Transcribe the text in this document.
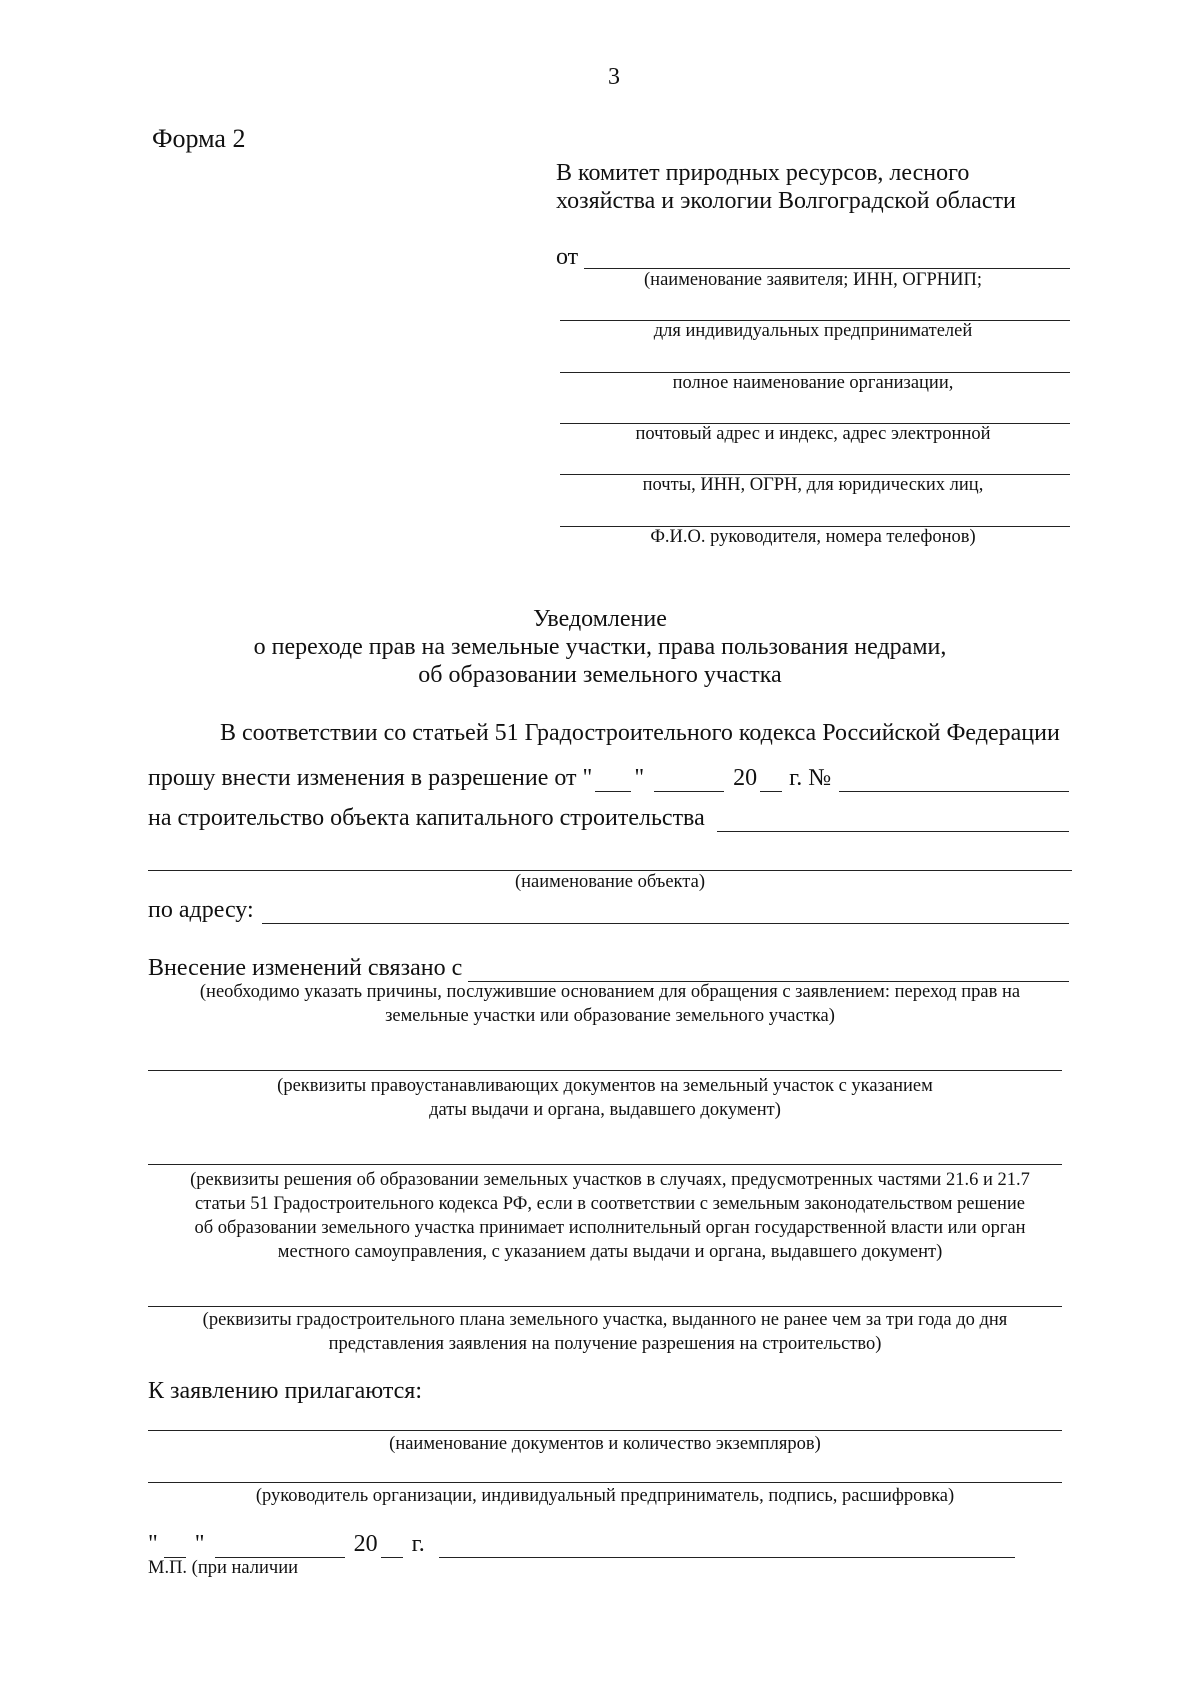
3
Форма 2
В комитет природных ресурсов, лесного
хозяйства и экологии Волгоградской области
от
(наименование заявителя; ИНН, ОГРНИП;
для индивидуальных предпринимателей
полное наименование организации,
почтовый адрес и индекс, адрес электронной
почты, ИНН, ОГРН, для юридических лиц,
Ф.И.О. руководителя, номера телефонов)
Уведомление
о переходе прав на земельные участки, права пользования недрами,
об образовании земельного участка
В соответствии со статьей 51 Градостроительного кодекса Российской Федерации
прошу внести изменения в разрешение от " "	20 г. №
на строительство объекта капитального строительства
(наименование объекта)
по адресу:
Внесение изменений связано с
(необходимо указать причины, послужившие основанием для обращения с заявлением: переход прав на
земельные участки или образование земельного участка)
(реквизиты правоустанавливающих документов на земельный участок с указанием
даты выдачи и органа, выдавшего документ)
(реквизиты решения об образовании земельных участков в случаях, предусмотренных частями 21.6 и 21.7
статьи 51 Градостроительного кодекса РФ, если в соответствии с земельным законодательством решение
об образовании земельного участка принимает исполнительный орган государственной власти или орган
местного самоуправления, с указанием даты выдачи и органа, выдавшего документ)
(реквизиты градостроительного плана земельного участка, выданного не ранее чем за три года до дня
представления заявления на получение разрешения на строительство)
К заявлению прилагаются:
(наименование документов и количество экземпляров)
(руководитель организации, индивидуальный предприниматель, подпись, расшифровка)
" "	20 г.
М.П. (при наличии
